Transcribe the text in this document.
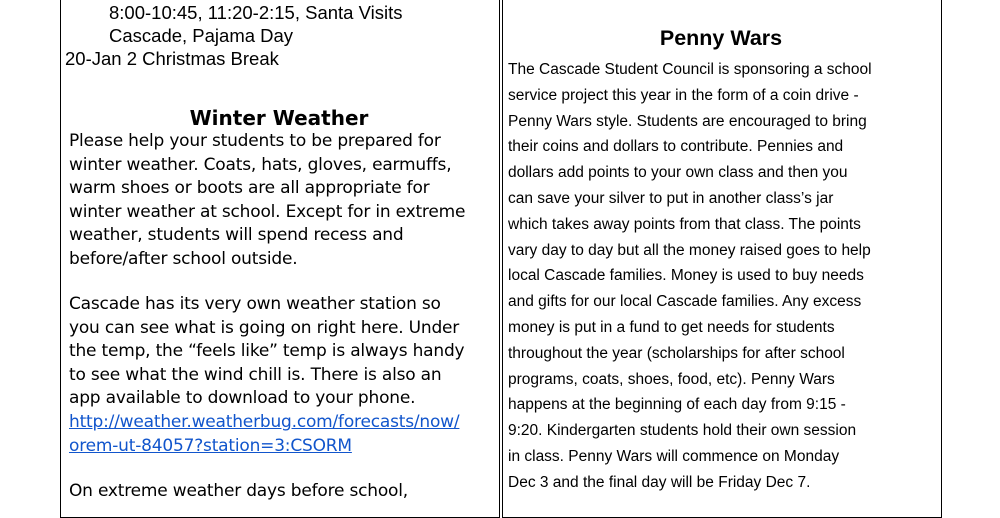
8:00-10:45, 11:20-2:15, Santa Visits
Cascade, Pajama Day
20-Jan 2 Christmas Break
Winter Weather

Please help your students to be prepared for

winter weather. Coats, hats, gloves, earmuffs,

warm shoes or boots are all appropriate for

winter weather at school. Except for in extreme

weather, students will spend recess and

before/after school outside.

Cascade has its very own weather station so

you can see what is going on right here. Under

the temp, the “feels like” temp is always handy

to see what the wind chill is. There is also an

app available to download to your phone.

http://weather.weatherbug.com/forecasts/now/

orem-ut-84057?station=3:CSORM

On extreme weather days before school,

Penny Wars
The Cascade Student Council is sponsoring a school
service project this year in the form of a coin drive -
Penny Wars style. Students are encouraged to bring
their coins and dollars to contribute. Pennies and
dollars add points to your own class and then you
can save your silver to put in another class’s jar
which takes away points from that class. The points
vary day to day but all the money raised goes to help
local Cascade families. Money is used to buy needs
and gifts for our local Cascade families. Any excess
money is put in a fund to get needs for students
throughout the year (scholarships for after school
programs, coats, shoes, food, etc). Penny Wars
happens at the beginning of each day from 9:15 -
9:20. Kindergarten students hold their own session
in class. Penny Wars will commence on Monday
Dec 3 and the final day will be Friday Dec 7.
